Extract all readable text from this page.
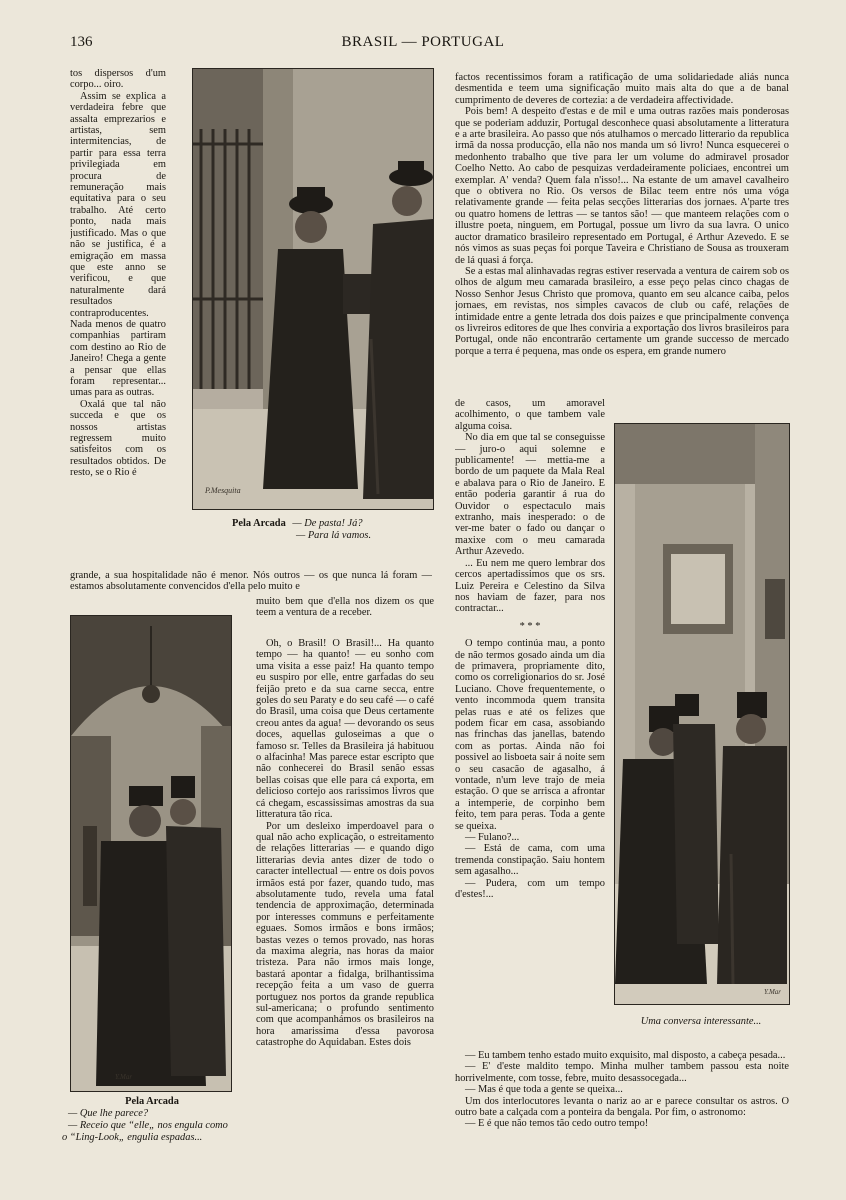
136	BRASIL — PORTUGAL

tos dispersos d'um corpo... oiro.

Assim se explica a verdadeira febre que assalta emprezarios e artistas, sem intermitencias, de partir para essa terra privilegiada em procura de remuneração mais equitativa para o seu trabalho. Até certo ponto, nada mais justificado. Mas o que não se justifica, é a emigração em massa que este anno se verificou, e que naturalmente dará resultados contraproducentes. Nada menos de quatro companhias partiram com destino ao Rio de Janeiro! Chega a gente a pensar que ellas foram representar... umas para as outras.

Oxalá que tal não succeda e que os nossos artistas regressem muito satisfeitos com os resultados obtidos. De resto, se o Rio é

P.Mesquita
Pela Arcada — De pasta! Já?
— Para lá vamos.

grande, a sua hospitalidade não é menor. Nós outros — os que nunca lá foram — estamos absolutamente convencidos d'ella pelo muito e

Y.Mar
Pela Arcada
— Que lhe parece?
— Receio que “elle„ nos engula como
o “Ling-Look„ engulia espadas...

muito bem que d'ella nos dizem os que teem a ventura de a receber.

Oh, o Brasil! O Brasil!... Ha quanto tempo — ha quanto! — eu sonho com uma visita a esse paiz! Ha quanto tempo eu suspiro por elle, entre garfadas do seu feijão preto e da sua carne secca, entre goles do seu Paraty e do seu café — o café do Brasil, uma coisa que Deus certamente creou antes da agua! — devorando os seus doces, aquellas guloseimas a que o famoso sr. Telles da Brasileira já habituou o alfacinha! Mas parece estar escripto que não conhecerei do Brasil senão essas bellas coisas que elle para cá exporta, em delicioso cortejo aos rarissimos livros que cá chegam, escassissimas amostras da sua litteratura tão rica.

Por um desleixo imperdoavel para o qual não acho explicação, o estreitamento de relações litterarias — e quando digo litterarias devia antes dizer de todo o caracter intellectual — entre os dois povos irmãos está por fazer, quando tudo, mas absolutamente tudo, revela uma fatal tendencia de approximação, determinada por interesses communs e perfeitamente eguaes. Somos irmãos e bons irmãos; bastas vezes o temos provado, nas horas da maxima alegria, nas horas da maior tristeza. Para não irmos mais longe, bastará apontar a fidalga, brilhantissima recepção feita a um vaso de guerra portuguez nos portos da grande republica sul-americana; o profundo sentimento com que acompanhámos os brasileiros na hora amarissima d'essa pavorosa catastrophe do Aquidaban. Estes dois

factos recentissimos foram a ratificação de uma solidariedade aliás nunca desmentida e teem uma significação muito mais alta do que a de banal cumprimento de deveres de cortezia: a de verdadeira affectividade.

Pois bem! A despeito d'estas e de mil e uma outras razões mais ponderosas que se poderiam adduzir, Portugal desconhece quasi absolutamente a litteratura e a arte brasileira. Ao passo que nós atulhamos o mercado litterario da republica irmã da nossa producção, ella não nos manda um só livro! Nunca esquecerei o medonhento trabalho que tive para ler um volume do admiravel prosador Coelho Netto. Ao cabo de pesquizas verdadeiramente policiaes, encontrei um exemplar. A' venda? Quem fala n'isso!... Na estante de um amavel cavalheiro que o obtivera no Rio. Os versos de Bilac teem entre nós uma vóga relativamente grande — feita pelas secções litterarias dos jornaes. A'parte tres ou quatro homens de lettras — se tantos são! — que manteem relações com o illustre poeta, ninguem, em Portugal, possue um livro da sua lavra. O unico auctor dramatico brasileiro representado em Portugal, é Arthur Azevedo. E se nós vimos as suas peças foi porque Taveira e Christiano de Sousa as trouxeram de lá quasi á força.

Se a estas mal alinhavadas regras estiver reservada a ventura de cairem sob os olhos de algum meu camarada brasileiro, a esse peço pelas cinco chagas de Nosso Senhor Jesus Christo que promova, quanto em seu alcance caiba, pelos jornaes, em revistas, nos simples cavacos de club ou café, relações de intimidade entre a gente letrada dos dois paizes e que principalmente convença os livreiros editores de que lhes conviria a exportação dos livros brasileiros para Portugal, onde não encontrarão certamente um grande successo de mercado porque a terra é pequena, mas onde os espera, em grande numero

de casos, um amoravel acolhimento, o que tambem vale alguma coisa.

No dia em que tal se conseguisse — juro-o aqui solemne e publicamente! — mettia-me a bordo de um paquete da Mala Real e abalava para o Rio de Janeiro. E então poderia garantir á rua do Ouvidor o espectaculo mais extranho, mais inesperado: o de ver-me bater o fado ou dançar o maxixe com o meu camarada Arthur Azevedo.

... Eu nem me quero lembrar dos cercos apertadissimos que os srs. Luiz Pereira e Celestino da Silva nos haviam de fazer, para nos contractar...

* * *

O tempo continúa mau, a ponto de não termos gosado ainda um dia de primavera, propriamente dito, como os correligionarios do sr. José Luciano. Chove frequentemente, o vento incommoda quem transita pelas ruas e até os felizes que podem ficar em casa, assobiando nas frinchas das janellas, batendo com as portas. Ainda não foi possivel ao lisboeta sair á noite sem o seu casacão de agasalho, á vontade, n'um leve trajo de meia estação. O que se arrisca a afrontar a intemperie, de corpinho bem feito, tem para peras. Toda a gente se queixa.

— Fulano?...

— Está de cama, com uma tremenda constipação. Saiu hontem sem agasalho...

— Pudera, com um tempo d'estes!...

Y.Mar
Uma conversa interessante...

— Eu tambem tenho estado muito exquisito, mal disposto, a cabeça pesada...

— E' d'este maldito tempo. Minha mulher tambem passou esta noite horrivelmente, com tosse, febre, muito desassocegada...

— Mas é que toda a gente se queixa...

Um dos interlocutores levanta o nariz ao ar e parece consultar os astros. O outro bate a calçada com a ponteira da bengala. Por fim, o astronomo:

— E é que não temos tão cedo outro tempo!
